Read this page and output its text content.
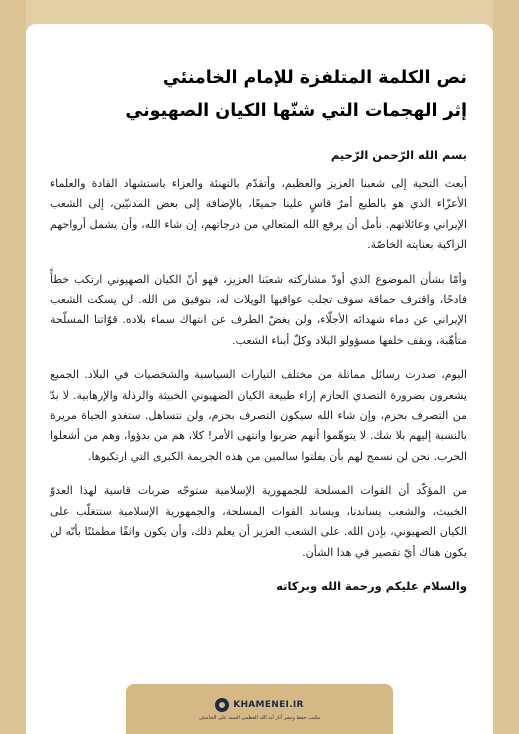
نص الكلمة المتلفزة للإمام الخامنئي
إثر الهجمات التي شنّها الكيان الصهيوني

بسم الله الرّحمن الرّحيم

أبعث التحية إلى شعبنا العزيز والعظيم، وأتقدّم بالتهنئة والعزاء باستشهاد القادة والعلماء الأعزّاء الذي هو بالطبع أمرٌ قاسٍ علينا جميعًا، بالإضافة إلى بعض المدنيّين، إلى الشعب الإيراني وعائلاتهم. نأمل أن يرفع الله المتعالي من درجاتهم، إن شاء الله، وأن يشمل أرواحهم الزاكية بعنايته الخاصّة.

وأمّا بشأن الموضوع الذي أودّ مشاركته شعبَنا العزيز، فهو أنّ الكيان الصهيوني ارتكب خطأً فادحًا، واقترف حماقة سوف تجلب عواقبها الويلات له، بتوفيق من الله. لن يسكت الشعب الإيراني عن دماء شهدائه الأجلّاء، ولن يغضّ الطرف عن انتهاك سماء بلاده. قوّاتنا المسلّحة متأهّبة، ويقف خلفها مسؤولو البلاد وكلّ أبناء الشعب.

اليوم، صدرت رسائل مماثلة من مختلف التيارات السياسية والشخصيات في البلاد. الجميع يشعرون بضرورة التصدي الحازم إزاء طبيعة الكيان الصهيوني الخبيثة والرذلة والإرهابية. لا بدّ من التصرف بحزم، وإن شاء الله سيكون التصرف بحزم، ولن نتساهل. ستغدو الحياة مريرة بالنسبة إليهم بلا شك. لا يتوهّموا أنهم ضربوا وانتهى الأمر! كلا، هم من بدؤوا، وهم من أشعلوا الحرب. نحن لن نسمح لهم بأن يفلتوا سالمين من هذه الجريمة الكبرى التي ارتكبوها.

من المؤكّد أن القوات المسلحة للجمهورية الإسلامية ستوجّه ضربات قاسية لهذا العدوّ الخبيث، والشعب يساندنا، ويساند القوات المسلحة، والجمهورية الإسلامية ستتغلّب على الكيان الصهيوني، بإذن الله. على الشعب العزيز أن يعلم ذلك، وأن يكون واثقًا مطمئنًا بأنّه لن يكون هناك أيّ تقصير في هذا الشأن.

والسلام عليكم ورحمة الله وبركاته

KHAMENEI.IR
مكتب حفظ ونشر آثار آية الله العظمى السيد علي الخامنئي
